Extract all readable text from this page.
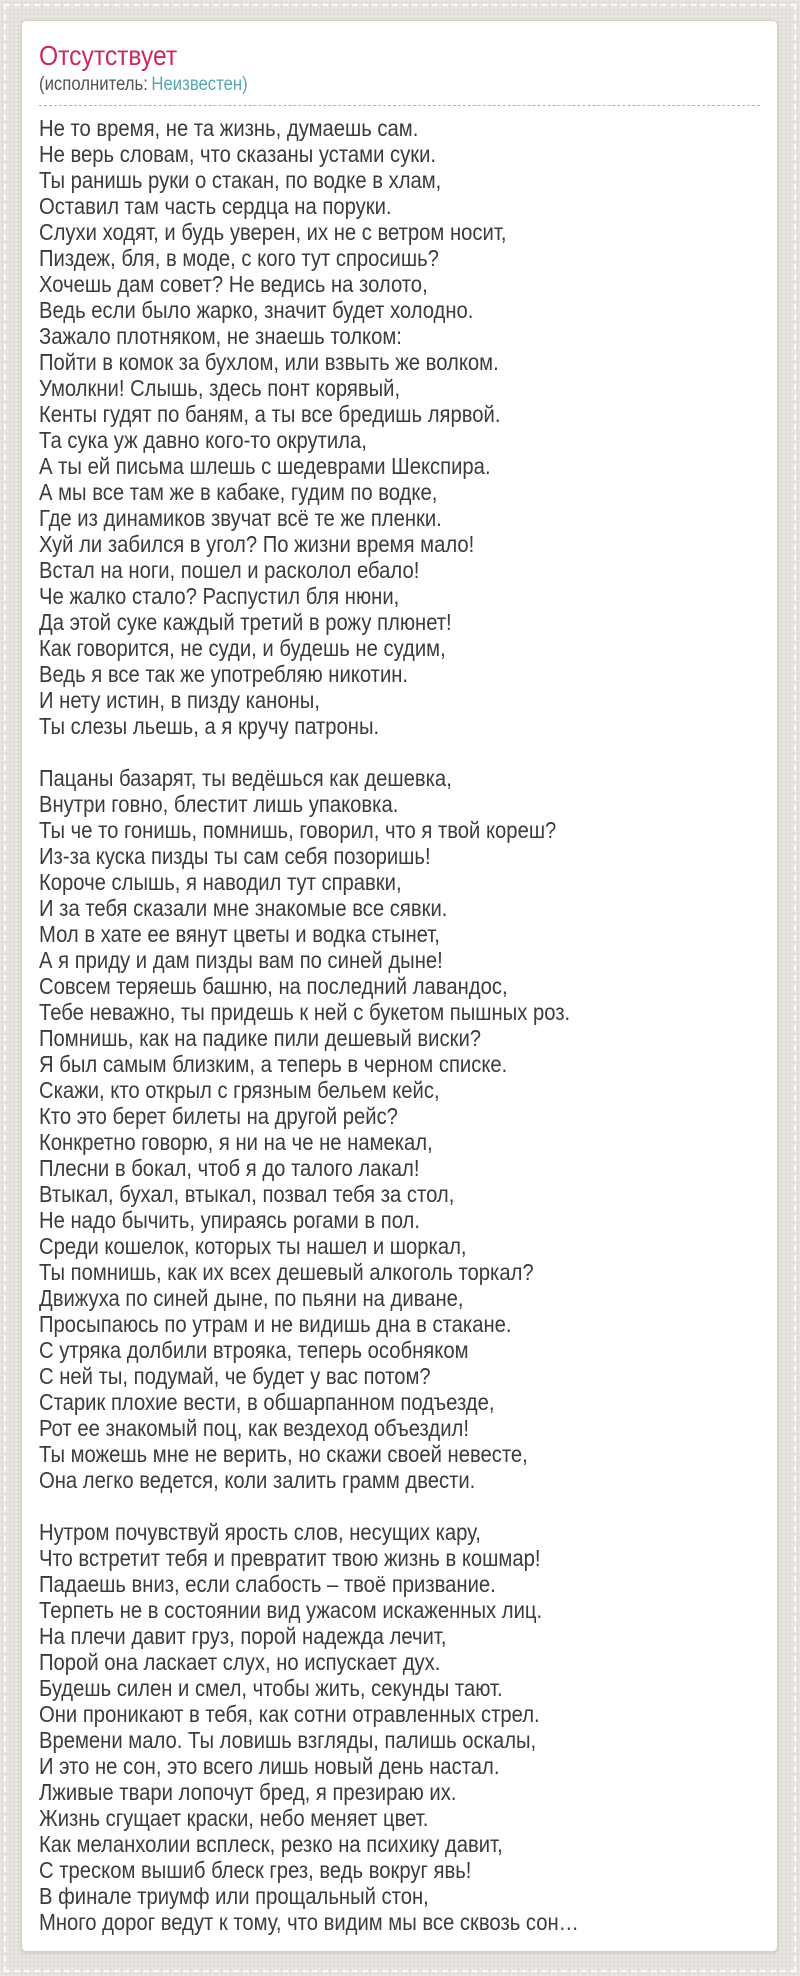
Отсутствует
(исполнитель: Неизвестен)

Не то время, не та жизнь, думаешь сам.
Не верь словам, что сказаны устами суки.
Ты ранишь руки о стакан, по водке в хлам,
Оставил там часть сердца на поруки.
Слухи ходят, и будь уверен, их не с ветром носит,
Пиздеж, бля, в моде, с кого тут спросишь?
Хочешь дам совет? Не ведись на золото,
Ведь если было жарко, значит будет холодно.
Зажало плотняком, не знаешь толком:
Пойти в комок за бухлом, или взвыть же волком.
Умолкни! Слышь, здесь понт корявый,
Кенты гудят по баням, а ты все бредишь лярвой.
Та сука уж давно кого-то окрутила,
А ты ей письма шлешь с шедеврами Шекспира.
А мы все там же в кабаке, гудим по водке,
Где из динамиков звучат всё те же пленки.
Хуй ли забился в угол? По жизни время мало!
Встал на ноги, пошел и расколол ебало!
Че жалко стало? Распустил бля нюни,
Да этой суке каждый третий в рожу плюнет!
Как говорится, не суди, и будешь не судим,
Ведь я все так же употребляю никотин.
И нету истин, в пизду каноны,
Ты слезы льешь, а я кручу патроны.

Пацаны базарят, ты ведёшься как дешевка,
Внутри говно, блестит лишь упаковка.
Ты че то гонишь, помнишь, говорил, что я твой кореш?
Из-за куска пизды ты сам себя позоришь!
Короче слышь, я наводил тут справки,
И за тебя сказали мне знакомые все сявки.
Мол в хате ее вянут цветы и водка стынет,
А я приду и дам пизды вам по синей дыне!
Совсем теряешь башню, на последний лавандос,
Тебе неважно, ты придешь к ней с букетом пышных роз.
Помнишь, как на падике пили дешевый виски?
Я был самым близким, а теперь в черном списке.
Скажи, кто открыл с грязным бельем кейс,
Кто это берет билеты на другой рейс?
Конкретно говорю, я ни на че не намекал,
Плесни в бокал, чтоб я до талого лакал!
Втыкал, бухал, втыкал, позвал тебя за стол,
Не надо бычить, упираясь рогами в пол.
Среди кошелок, которых ты нашел и шоркал,
Ты помнишь, как их всех дешевый алкоголь торкал?
Движуха по синей дыне, по пьяни на диване,
Просыпаюсь по утрам и не видишь дна в стакане.
С утряка долбили втрояка, теперь особняком
С ней ты, подумай, че будет у вас потом?
Старик плохие вести, в обшарпанном подъезде,
Рот ее знакомый поц, как вездеход объездил!
Ты можешь мне не верить, но скажи своей невесте,
Она легко ведется, коли залить грамм двести.

Нутром почувствуй ярость слов, несущих кару,
Что встретит тебя и превратит твою жизнь в кошмар!
Падаешь вниз, если слабость – твоё призвание.
Терпеть не в состоянии вид ужасом искаженных лиц.
На плечи давит груз, порой надежда лечит,
Порой она ласкает слух, но испускает дух.
Будешь силен и смел, чтобы жить, секунды тают.
Они проникают в тебя, как сотни отравленных стрел.
Времени мало. Ты ловишь взгляды, палишь оскалы,
И это не сон, это всего лишь новый день настал.
Лживые твари лопочут бред, я презираю их.
Жизнь сгущает краски, небо меняет цвет.
Как меланхолии всплеск, резко на психику давит,
С треском вышиб блеск грез, ведь вокруг явь!
В финале триумф или прощальный стон,
Много дорог ведут к тому, что видим мы все сквозь сон…
